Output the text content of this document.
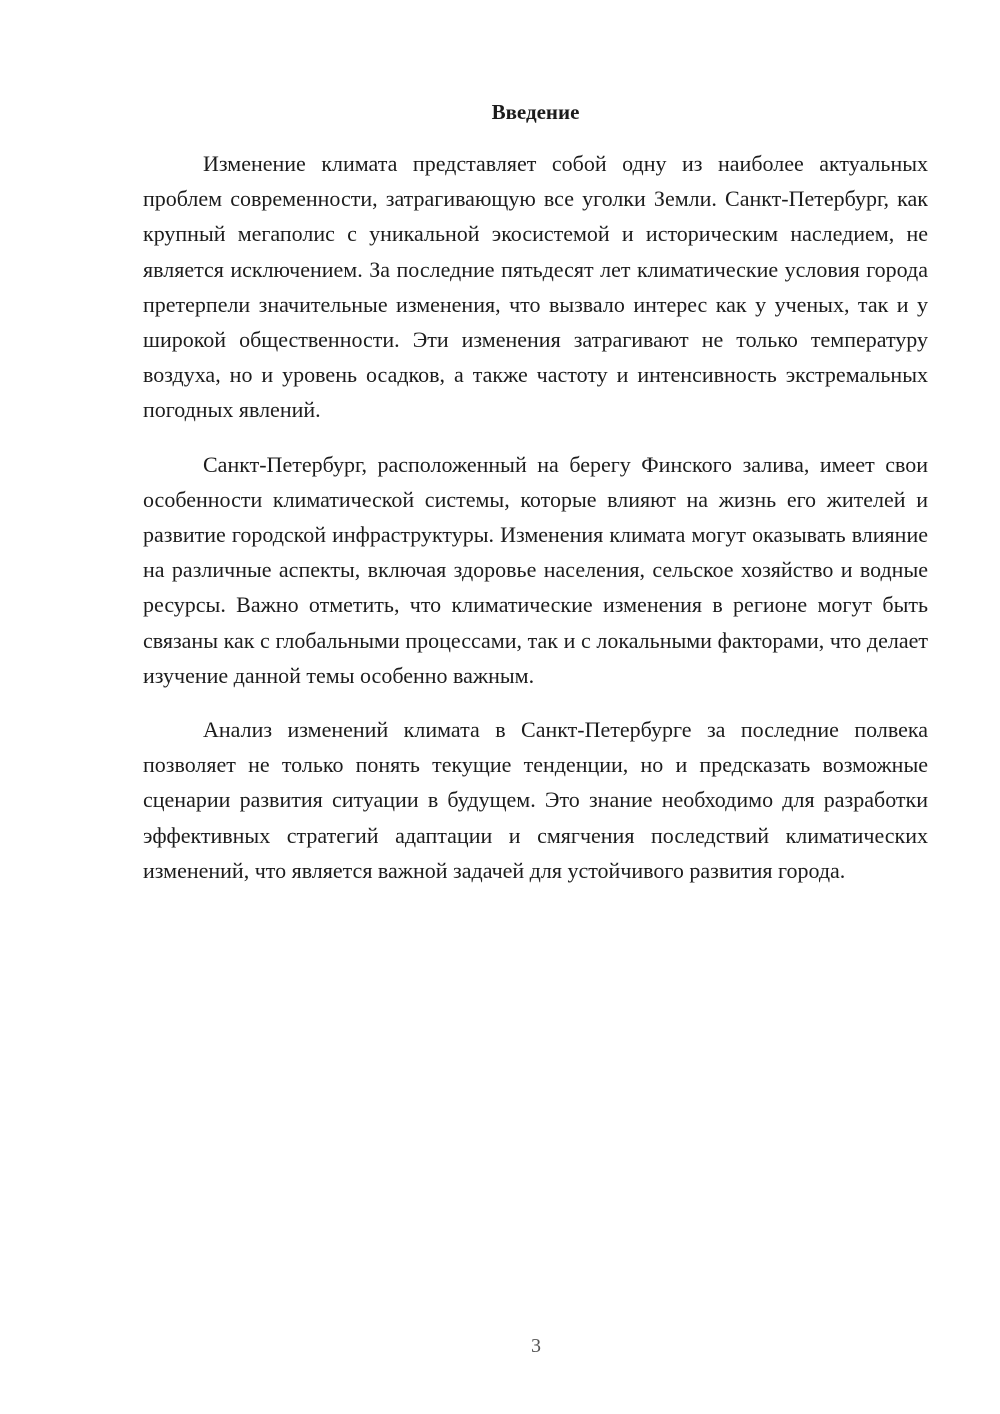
Введение

Изменение климата представляет собой одну из наиболее актуальных проблем современности, затрагивающую все уголки Земли. Санкт-Петербург, как крупный мегаполис с уникальной экосистемой и историческим наследием, не является исключением. За последние пятьдесят лет климатические условия города претерпели значительные изменения, что вызвало интерес как у ученых, так и у широкой общественности. Эти изменения затрагивают не только температуру воздуха, но и уровень осадков, а также частоту и интенсивность экстремальных погодных явлений.

Санкт-Петербург, расположенный на берегу Финского залива, имеет свои особенности климатической системы, которые влияют на жизнь его жителей и развитие городской инфраструктуры. Изменения климата могут оказывать влияние на различные аспекты, включая здоровье населения, сельское хозяйство и водные ресурсы. Важно отметить, что климатические изменения в регионе могут быть связаны как с глобальными процессами, так и с локальными факторами, что делает изучение данной темы особенно важным.

Анализ изменений климата в Санкт-Петербурге за последние полвека позволяет не только понять текущие тенденции, но и предсказать возможные сценарии развития ситуации в будущем. Это знание необходимо для разработки эффективных стратегий адаптации и смягчения последствий климатических изменений, что является важной задачей для устойчивого развития города.

3
